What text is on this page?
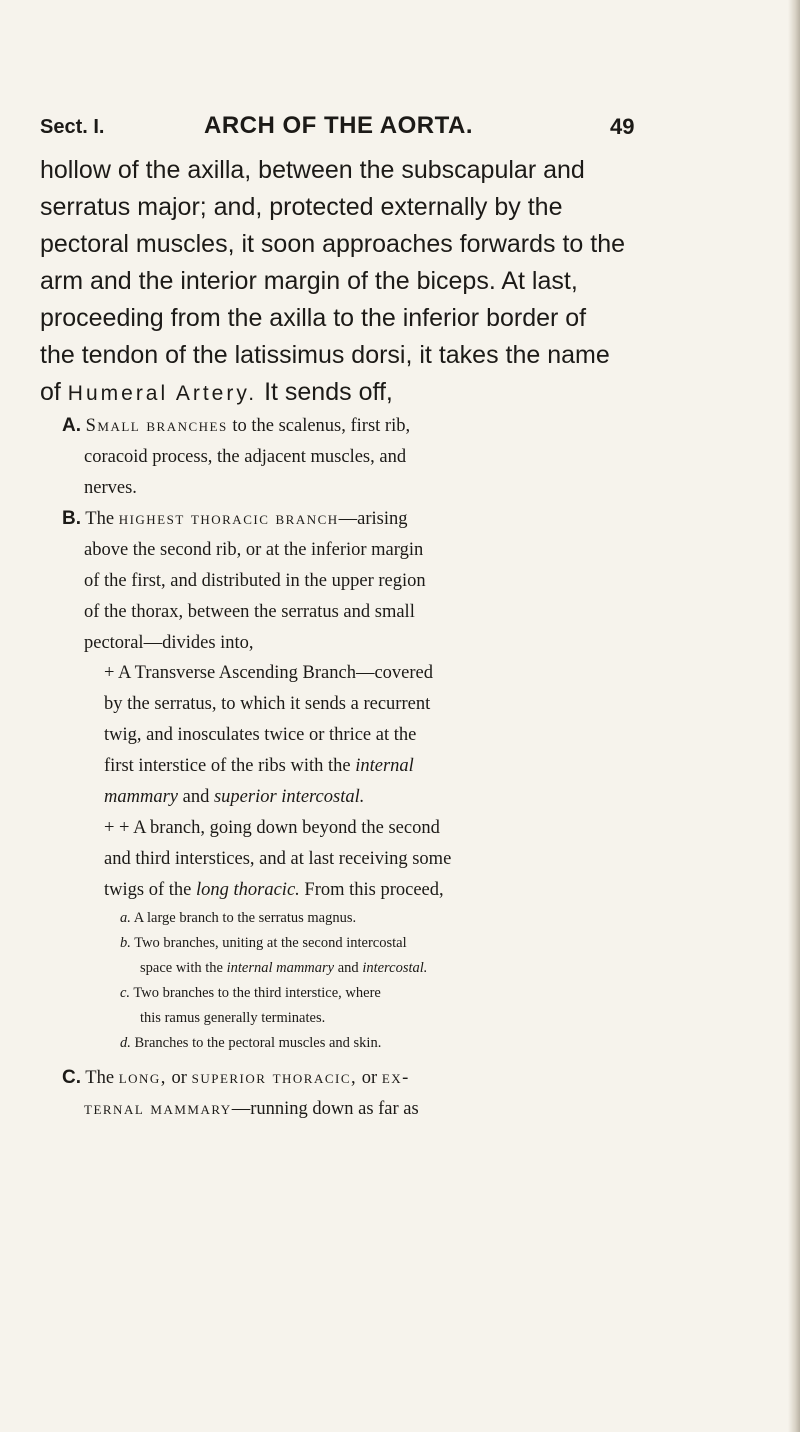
Sect. I.	ARCH OF THE AORTA.	49
hollow of the axilla, between the subscapular and
serratus major; and, protected externally by the
pectoral muscles, it soon approaches forwards to the
arm and the interior margin of the biceps. At last,
proceeding from the axilla to the inferior border of
the tendon of the latissimus dorsi, it takes the name
of Humeral Artery. It sends off,
A. Small branches to the scalenus, first rib,
coracoid process, the adjacent muscles, and
nerves.
B. The highest thoracic branch—arising
above the second rib, or at the inferior margin
of the first, and distributed in the upper region
of the thorax, between the serratus and small
pectoral—divides into,
+ A Transverse Ascending Branch—covered
by the serratus, to which it sends a recurrent
twig, and inosculates twice or thrice at the
first interstice of the ribs with the internal
mammary and superior intercostal.
+ + A branch, going down beyond the second
and third interstices, and at last receiving some
twigs of the long thoracic. From this proceed,
a. A large branch to the serratus magnus.
b. Two branches, uniting at the second intercostal
space with the internal mammary and intercostal.
c. Two branches to the third interstice, where
this ramus generally terminates.
d. Branches to the pectoral muscles and skin.
C. The long, or superior thoracic, or ex-
ternal mammary—running down as far as
